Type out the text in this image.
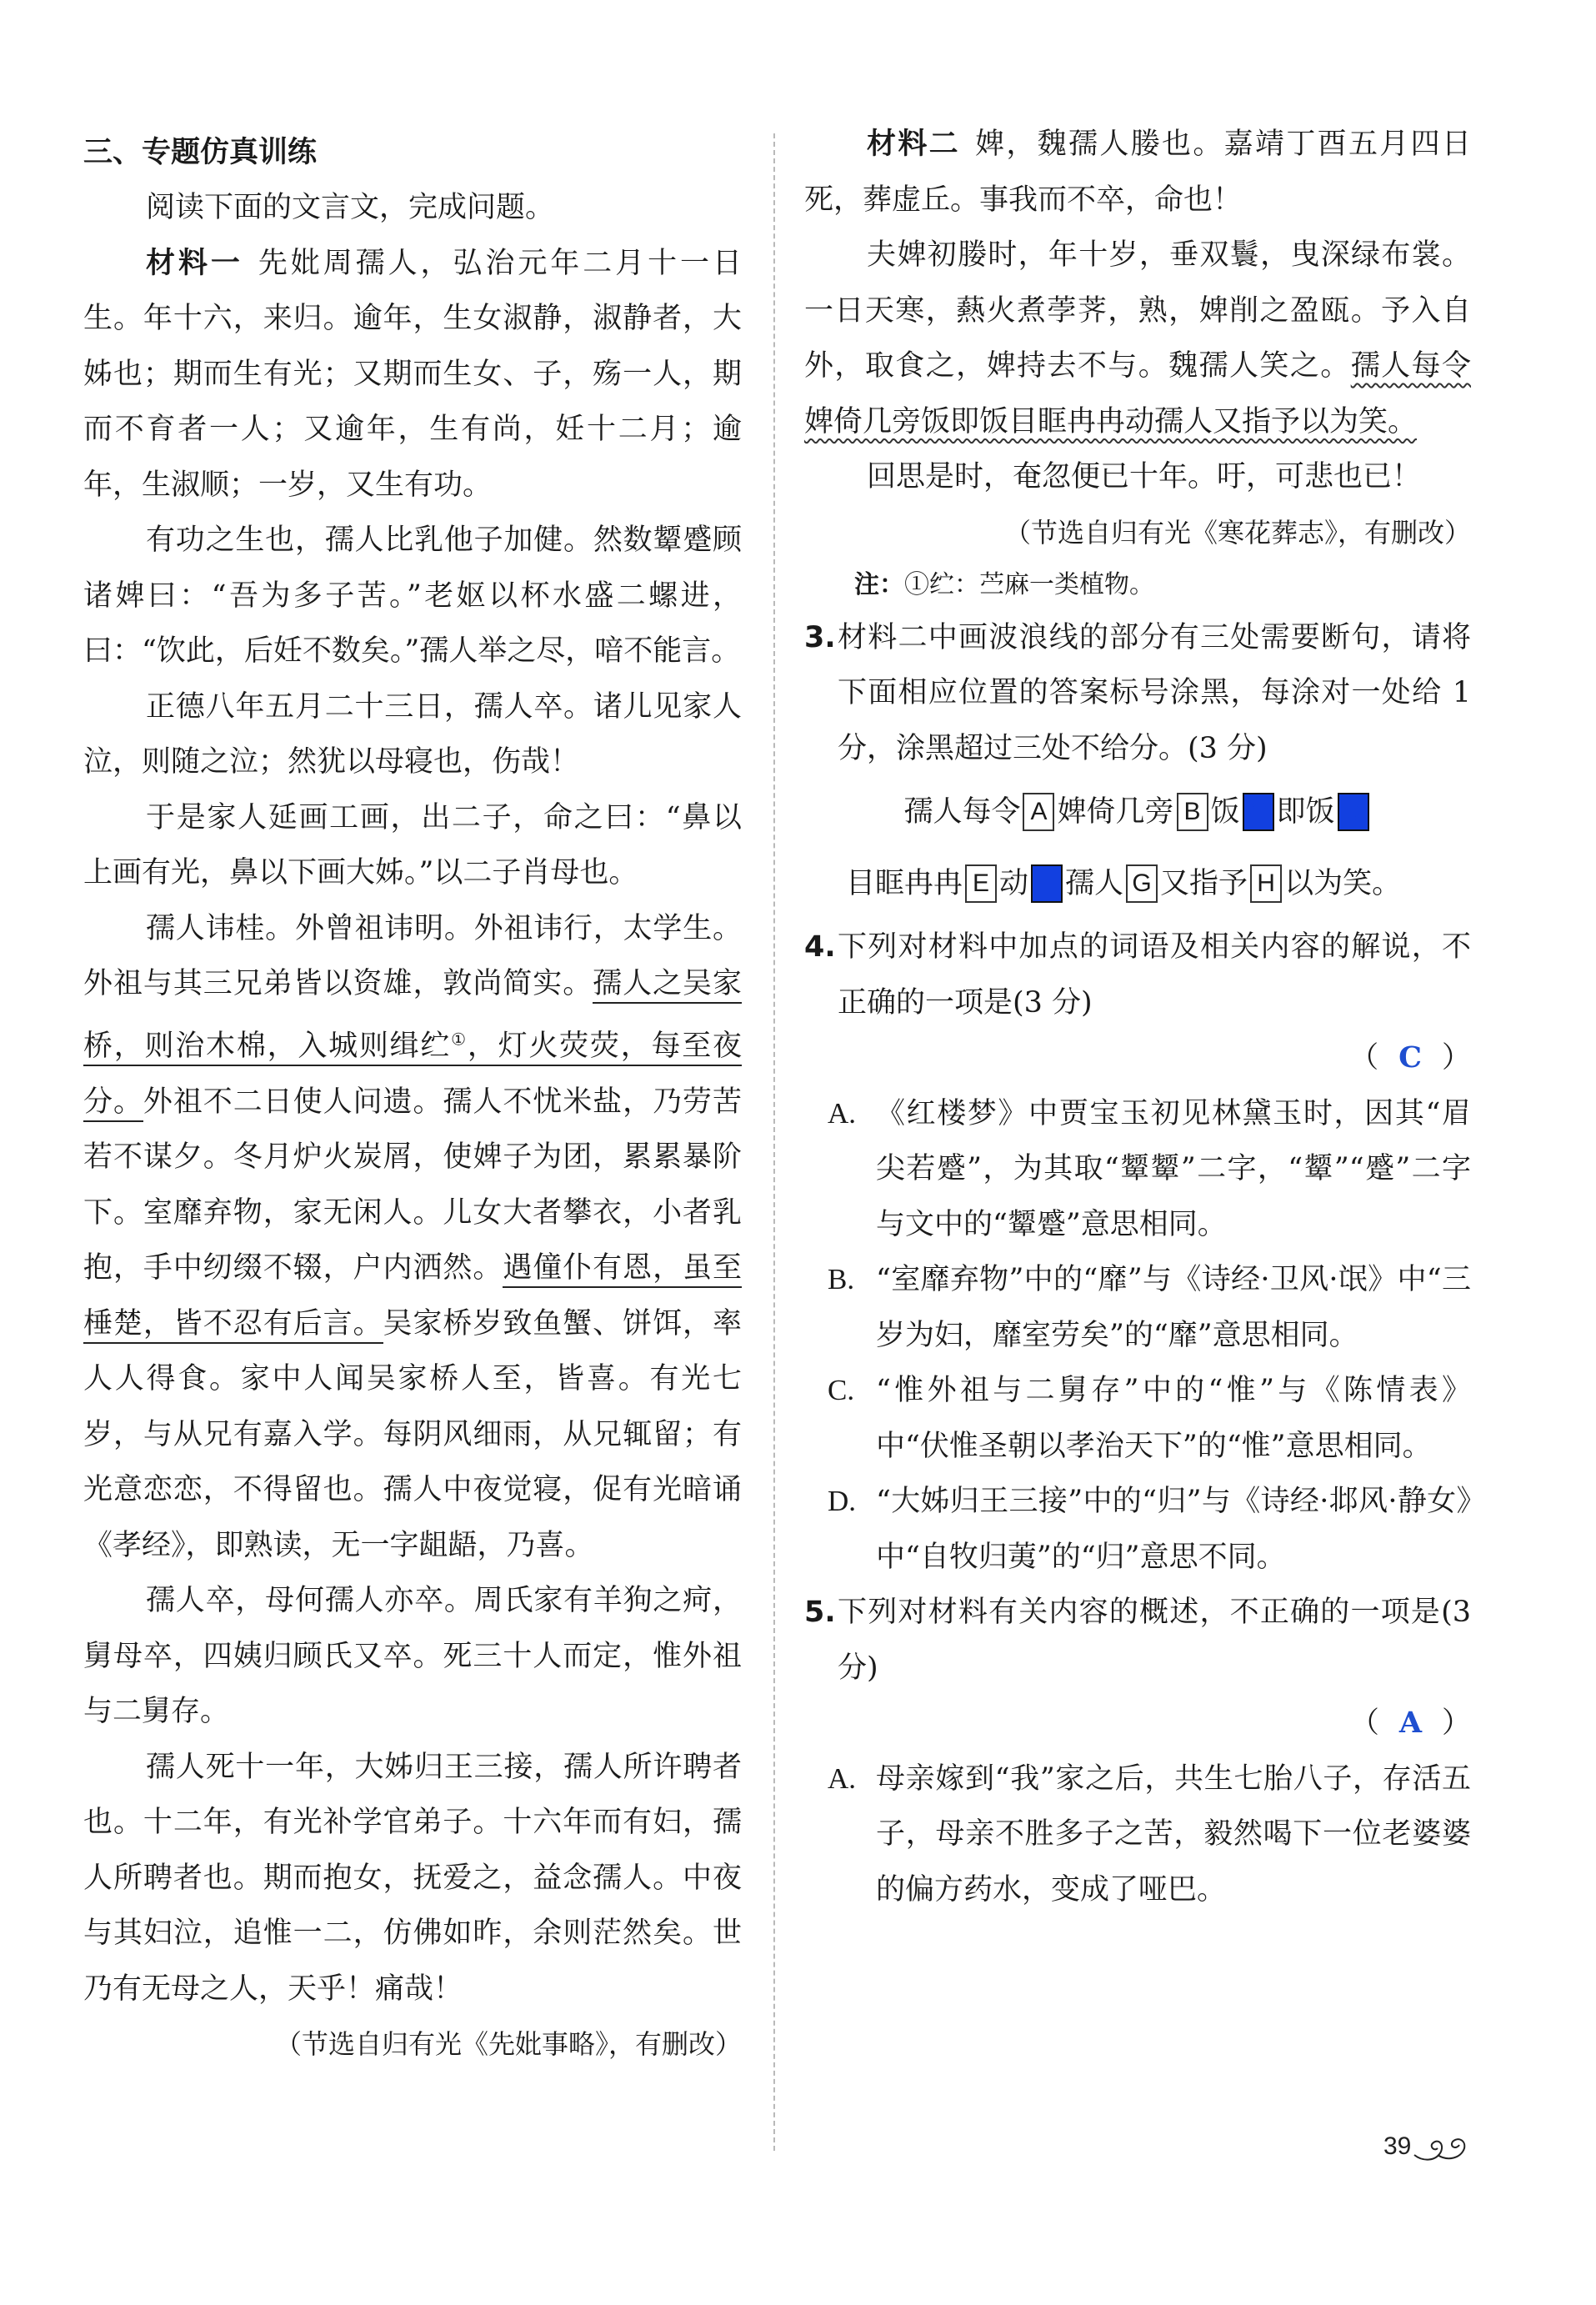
三、专题仿真训练

阅读下面的文言文，完成问题。

材料一 先妣周孺人，弘治元年二月十一日生。年十六，来归。逾年，生女淑静，淑静者，大姊也；期而生有光；又期而生女、子，殇一人，期而不育者一人；又逾年，生有尚，妊十二月；逾年，生淑顺；一岁，又生有功。

有功之生也，孺人比乳他子加健。然数颦蹙顾诸婢曰：“吾为多子苦。”老妪以杯水盛二螺进，曰：“饮此，后妊不数矣。”孺人举之尽，喑不能言。

正德八年五月二十三日，孺人卒。诸儿见家人泣，则随之泣；然犹以母寝也，伤哉！

于是家人延画工画，出二子，命之曰：“鼻以上画有光，鼻以下画大姊。”以二子肖母也。

孺人讳桂。外曾祖讳明。外祖讳行，太学生。外祖与其三兄弟皆以资雄，敦尚简实。孺人之吴家桥，则治木棉，入城则缉纻①，灯火荧荧，每至夜分。外祖不二日使人问遗。孺人不忧米盐，乃劳苦若不谋夕。冬月炉火炭屑，使婢子为团，累累暴阶下。室靡弃物，家无闲人。儿女大者攀衣，小者乳抱，手中纫缀不辍，户内洒然。遇僮仆有恩，虽至棰楚，皆不忍有后言。吴家桥岁致鱼蟹、饼饵，率人人得食。家中人闻吴家桥人至，皆喜。有光七岁，与从兄有嘉入学。每阴风细雨，从兄辄留；有光意恋恋，不得留也。孺人中夜觉寝，促有光暗诵《孝经》，即熟读，无一字龃龉，乃喜。

孺人卒，母何孺人亦卒。周氏家有羊狗之疴，舅母卒，四姨归顾氏又卒。死三十人而定，惟外祖与二舅存。

孺人死十一年，大姊归王三接，孺人所许聘者也。十二年，有光补学官弟子。十六年而有妇，孺人所聘者也。期而抱女，抚爱之，益念孺人。中夜与其妇泣，追惟一二，仿佛如昨，余则茫然矣。世乃有无母之人，天乎！痛哉！

（节选自归有光《先妣事略》，有删改）

材料二 婢，魏孺人媵也。嘉靖丁酉五月四日死，葬虚丘。事我而不卒，命也！

夫婢初媵时，年十岁，垂双鬟，曳深绿布裳。一日天寒，爇火煮荸荠，熟，婢削之盈瓯。予入自外，取食之，婢持去不与。魏孺人笑之。孺人每令婢倚几旁饭即饭目眶冉冉动孺人又指予以为笑。

回思是时，奄忽便已十年。吁，可悲也已！

（节选自归有光《寒花葬志》，有删改）

注：①纻：苎麻一类植物。

3. 材料二中画波浪线的部分有三处需要断句，请将下面相应位置的答案标号涂黑，每涂对一处给 1 分，涂黑超过三处不给分。(3 分)

孺人每令 A 婢倚几旁 B 饭 C 即饭 D
目眶冉冉 E 动 F 孺人 G 又指予 H 以为笑。
4. 下列对材料中加点的词语及相关内容的解说，不正确的一项是(3 分)

（ C ）
A. 《红楼梦》中贾宝玉初见林黛玉时，因其“眉尖若蹙”，为其取“颦颦”二字，“颦”“蹙”二字与文中的“颦蹙”意思相同。

B. “室靡弃物”中的“靡”与《诗经·卫风·氓》中“三岁为妇，靡室劳矣”的“靡”意思相同。

C. “惟外祖与二舅存”中的“惟”与《陈情表》中“伏惟圣朝以孝治天下”的“惟”意思相同。

D. “大姊归王三接”中的“归”与《诗经·邶风·静女》中“自牧归荑”的“归”意思不同。

5. 下列对材料有关内容的概述，不正确的一项是(3 分)

（ A ）
A. 母亲嫁到“我”家之后，共生七胎八子，存活五子，母亲不胜多子之苦，毅然喝下一位老婆婆的偏方药水，变成了哑巴。

39
